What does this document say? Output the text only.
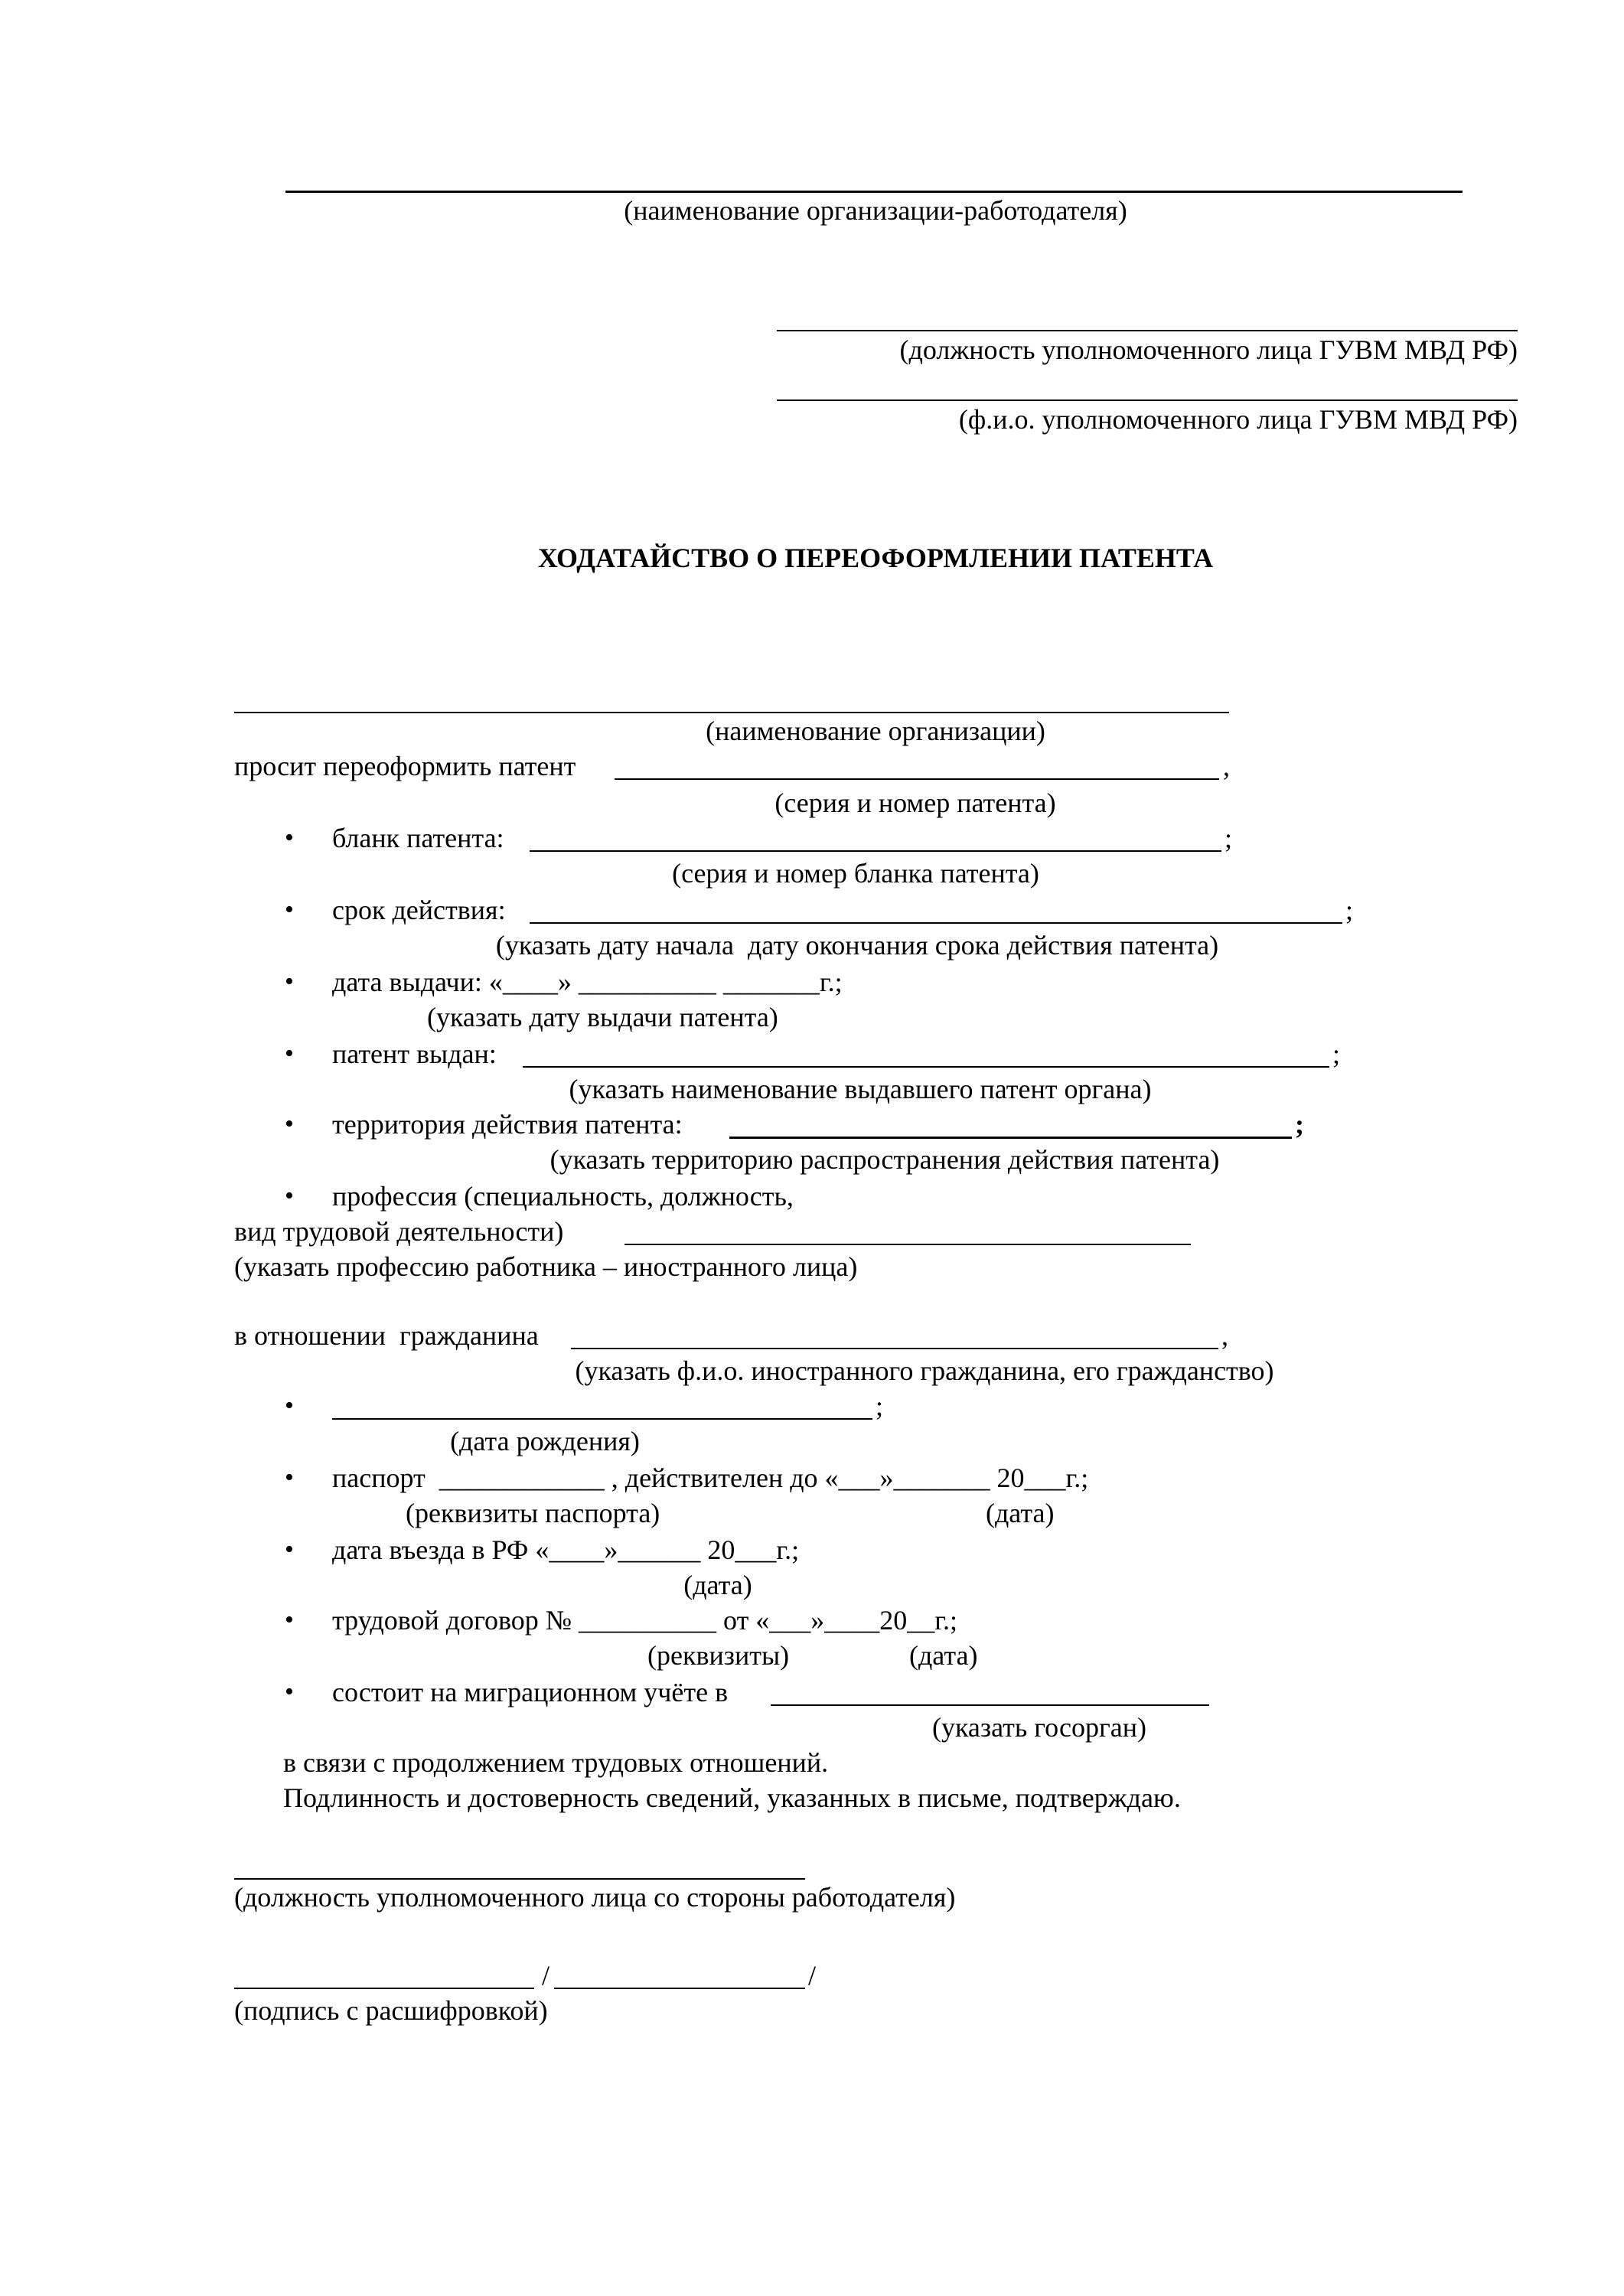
(наименование организации-работодателя)
(должность уполномоченного лица ГУВМ МВД РФ)
(ф.и.о. уполномоченного лица ГУВМ МВД РФ)
ХОДАТАЙСТВО О ПЕРЕОФОРМЛЕНИИ ПАТЕНТА
(наименование организации)
просит переоформить патент	,
(серия и номер патента)
• бланк патента:	;
(серия и номер бланка патента)
• срок действия:	;
(указать дату начала  дату окончания срока действия патента)
• дата выдачи: «____» __________ _______г.;
(указать дату выдачи патента)
• патент выдан:	;
(указать наименование выдавшего патент органа)
• территория действия патента:	;
(указать территорию распространения действия патента)
• профессия (специальность, должность,
вид трудовой деятельности)
(указать профессию работника – иностранного лица)
в отношении  гражданина	,
(указать ф.и.о. иностранного гражданина, его гражданство)
•	;
(дата рождения)
• паспорт  ____________ , действителен до «___»_______ 20___г.;
(реквизиты паспорта)	(дата)
• дата въезда в РФ «____»______ 20___г.;
(дата)
• трудовой договор № __________ от «___»____20__г.;
(реквизиты)	(дата)
• состоит на миграционном учёте в
(указать госорган)
в связи с продолжением трудовых отношений.
Подлинность и достоверность сведений, указанных в письме, подтверждаю.
(должность уполномоченного лица со стороны работодателя)
/	/
(подпись с расшифровкой)
